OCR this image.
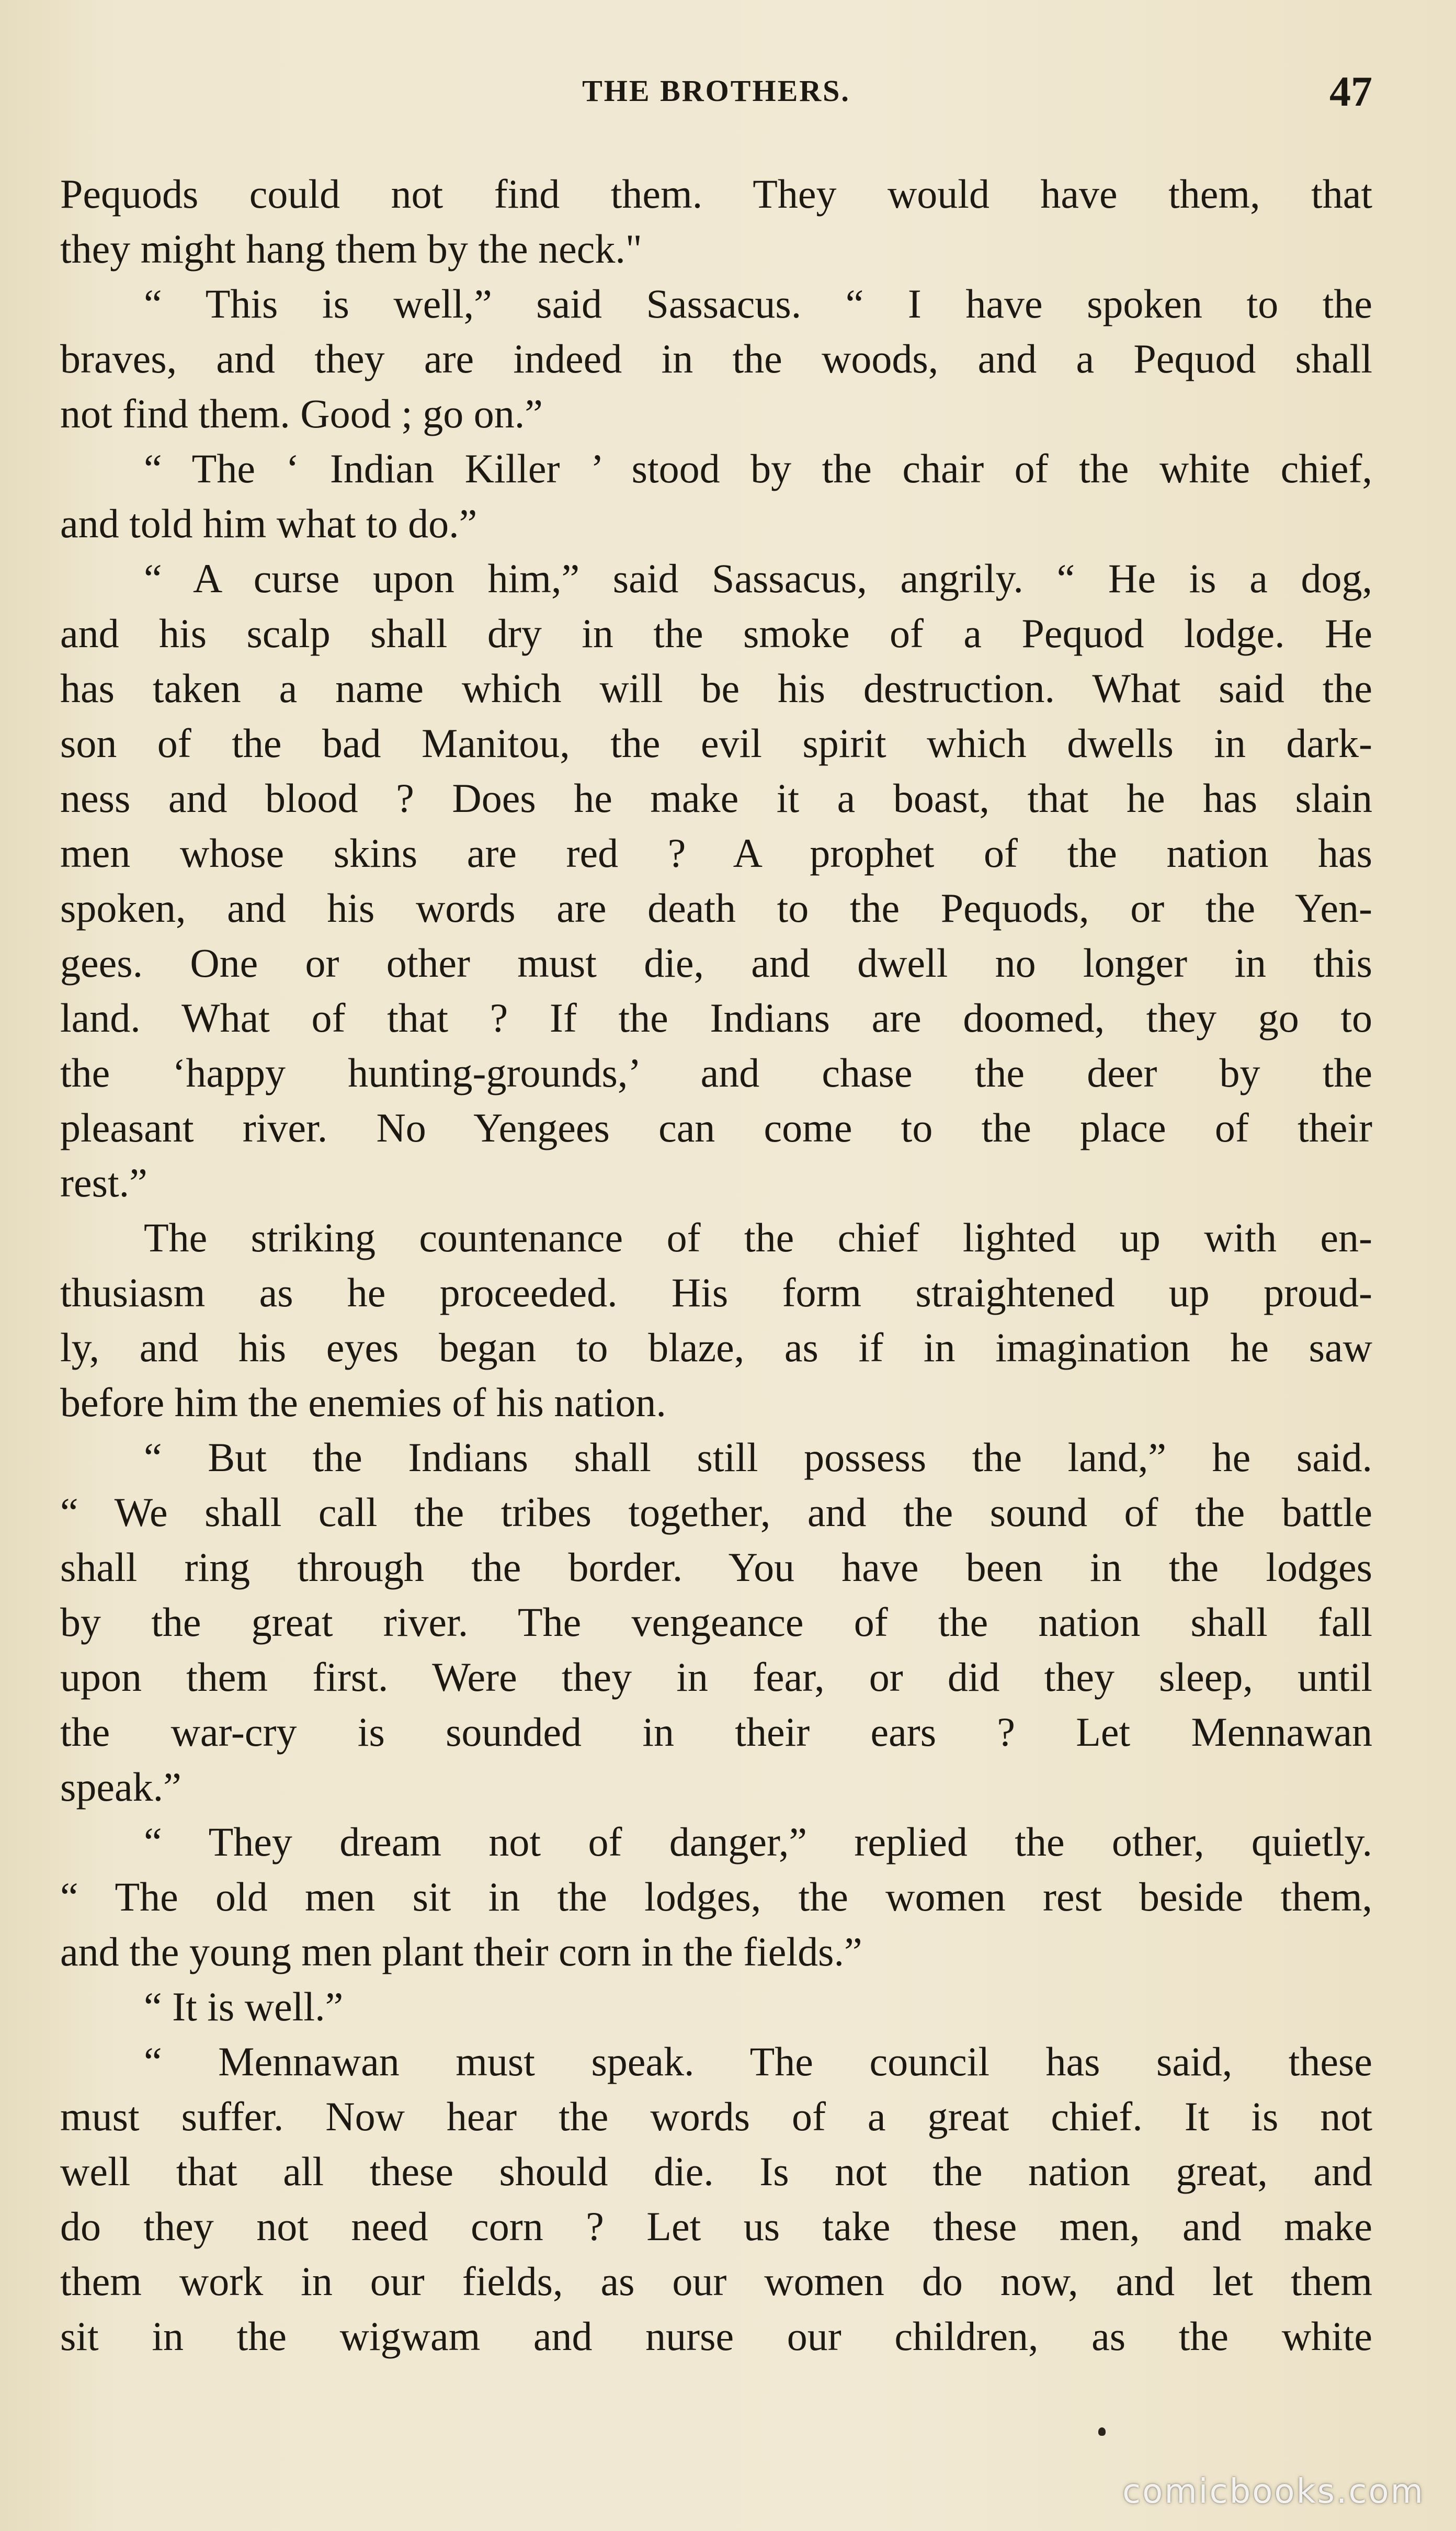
THE BROTHERS.	47
Pequods could not find them. They would have them, that
they might hang them by the neck."
“ This is well,” said Sassacus. “ I have spoken to the
braves, and they are indeed in the woods, and a Pequod shall
not find them. Good ; go on.”
“ The ‘ Indian Killer ’ stood by the chair of the white chief,
and told him what to do.”
“ A curse upon him,” said Sassacus, angrily. “ He is a dog,
and his scalp shall dry in the smoke of a Pequod lodge. He
has taken a name which will be his destruction. What said the
son of the bad Manitou, the evil spirit which dwells in dark-
ness and blood ? Does he make it a boast, that he has slain
men whose skins are red ? A prophet of the nation has
spoken, and his words are death to the Pequods, or the Yen-
gees. One or other must die, and dwell no longer in this
land. What of that ? If the Indians are doomed, they go to
the ‘happy hunting-grounds,’ and chase the deer by the
pleasant river. No Yengees can come to the place of their
rest.”
The striking countenance of the chief lighted up with en-
thusiasm as he proceeded. His form straightened up proud-
ly, and his eyes began to blaze, as if in imagination he saw
before him the enemies of his nation.
“ But the Indians shall still possess the land,” he said.
“ We shall call the tribes together, and the sound of the battle
shall ring through the border. You have been in the lodges
by the great river. The vengeance of the nation shall fall
upon them first. Were they in fear, or did they sleep, until
the war-cry is sounded in their ears ? Let Mennawan
speak.”
“ They dream not of danger,” replied the other, quietly.
“ The old men sit in the lodges, the women rest beside them,
and the young men plant their corn in the fields.”
“ It is well.”
“ Mennawan must speak. The council has said, these
must suffer. Now hear the words of a great chief. It is not
well that all these should die. Is not the nation great, and
do they not need corn ? Let us take these men, and make
them work in our fields, as our women do now, and let them
sit in the wigwam and nurse our children, as the white
comicbooks.com
